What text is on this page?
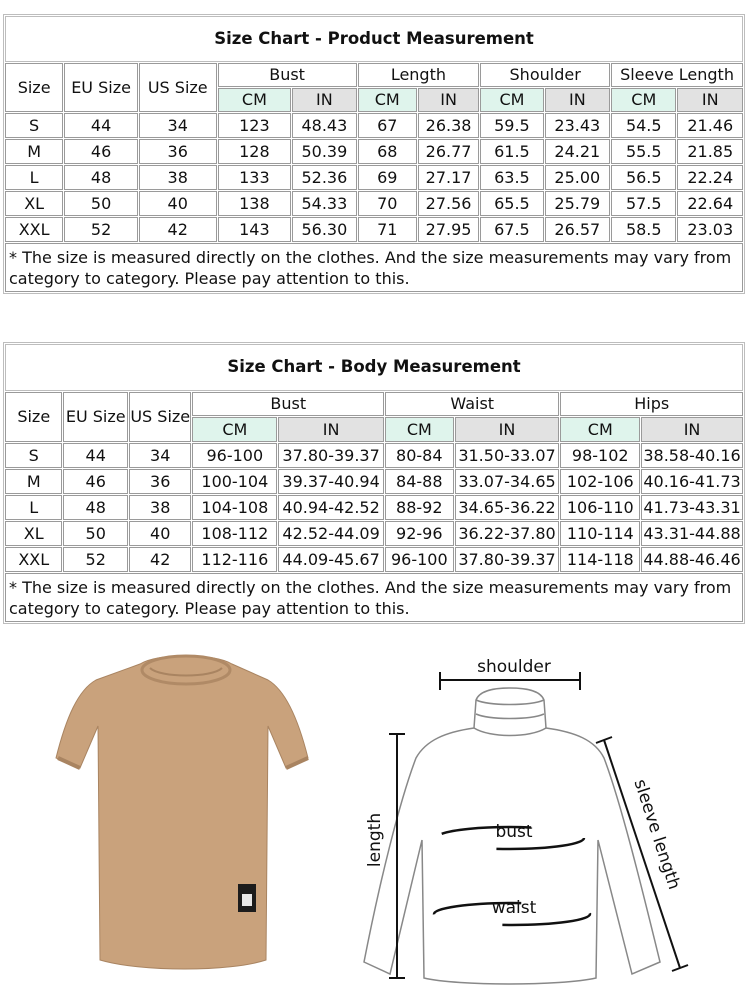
Size Chart - Product Measurement										
Size	EU Size	US Size	Bust		Length		Shoulder		Sleeve Length	
			CM	IN	CM	IN	CM	IN	CM	IN
S	44	34	123	48.43	67	26.38	59.5	23.43	54.5	21.46
M	46	36	128	50.39	68	26.77	61.5	24.21	55.5	21.85
L	48	38	133	52.36	69	27.17	63.5	25.00	56.5	22.24
XL	50	40	138	54.33	70	27.56	65.5	25.79	57.5	22.64
XXL	52	42	143	56.30	71	27.95	67.5	26.57	58.5	23.03

* The size is measured directly on the clothes. And the size measurements may vary from
category to category. Please pay attention to this.										
Size Chart - Body Measurement								
Size	EU Size	US Size	Bust		Waist		Hips	
			CM	IN	CM	IN	CM	IN
S	44	34	96-100	37.80-39.37	80-84	31.50-33.07	98-102	38.58-40.16
M	46	36	100-104	39.37-40.94	84-88	33.07-34.65	102-106	40.16-41.73
L	48	38	104-108	40.94-42.52	88-92	34.65-36.22	106-110	41.73-43.31
XL	50	40	108-112	42.52-44.09	92-96	36.22-37.80	110-114	43.31-44.88
XXL	52	42	112-116	44.09-45.67	96-100	37.80-39.37	114-118	44.88-46.46

* The size is measured directly on the clothes. And the size measurements may vary from
category to category. Please pay attention to this.								
shoulder
bust
waist
length	sleeve length
